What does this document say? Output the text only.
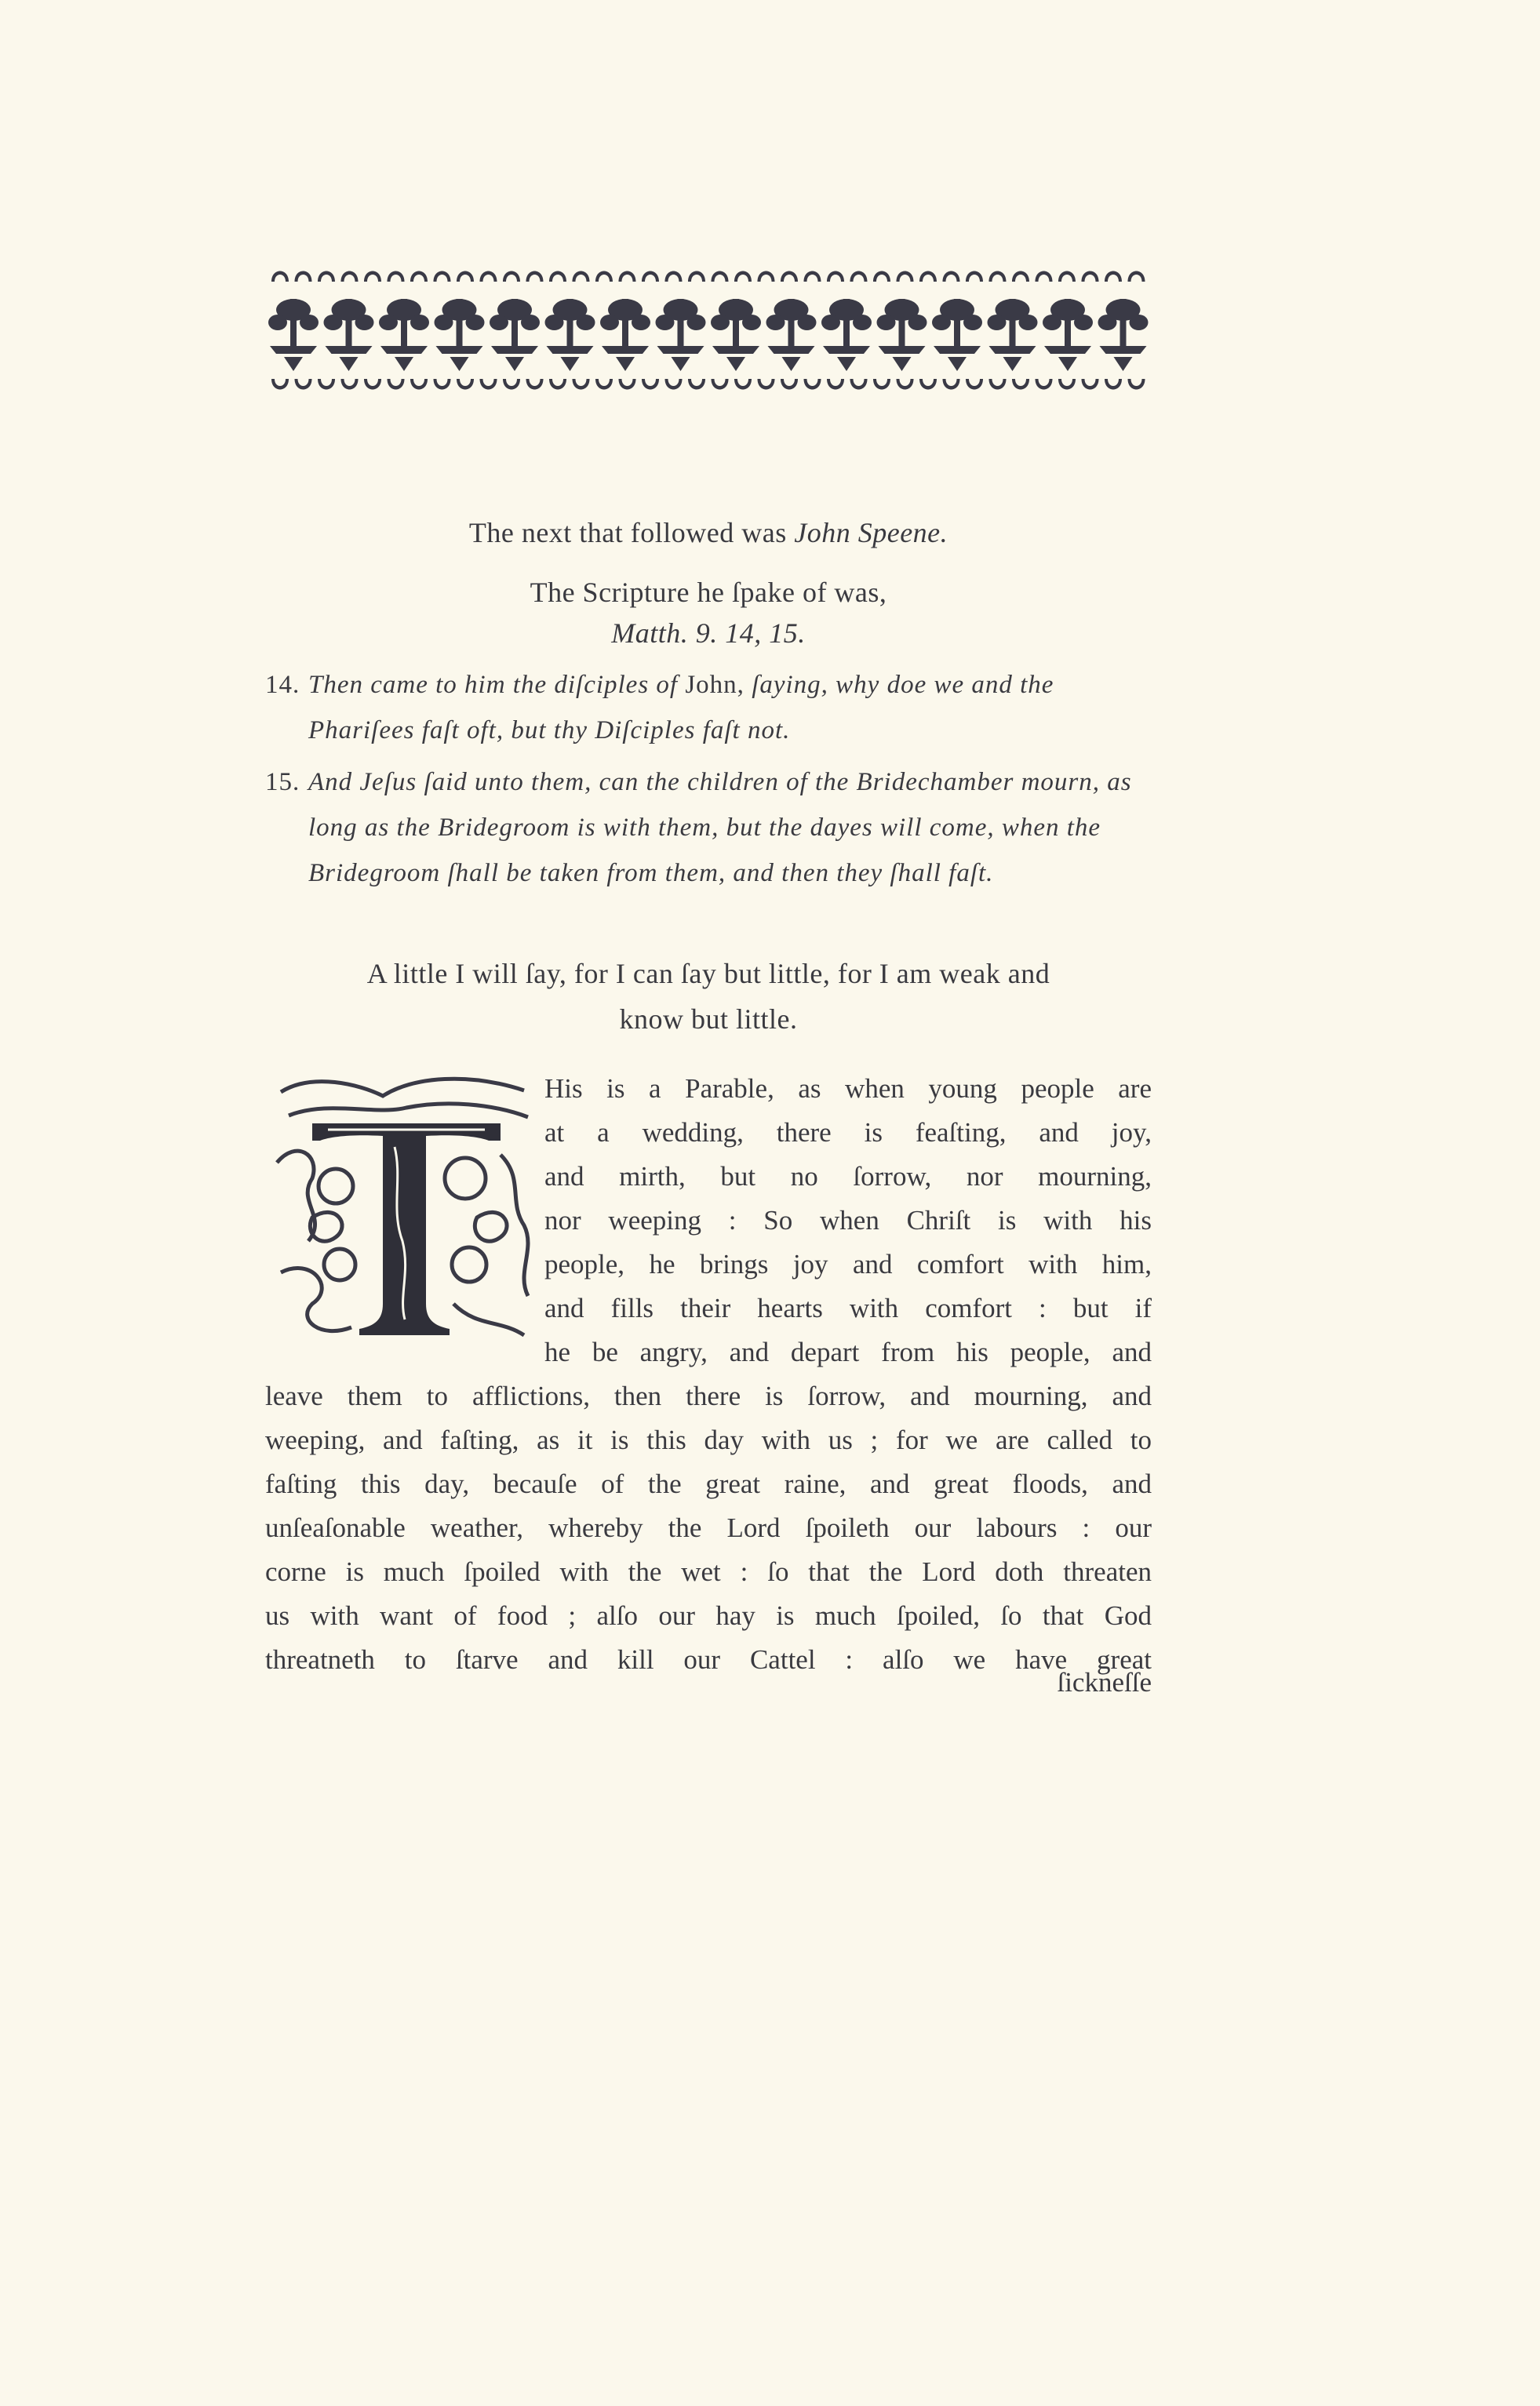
The next that followed was John Speene.

The Scripture he ſpake of was,

Matth. 9. 14, 15.

14. Then came to him the diſciples of John, ſaying, why doe we and the Phariſees faſt oft, but thy Diſciples faſt not.

15. And Jeſus ſaid unto them, can the children of the Bridechamber mourn, as long as the Bridegroom is with them, but the dayes will come, when the Bridegroom ſhall be taken from them, and then they ſhall faſt.

A little I will ſay, for I can ſay but little, for I am weak and

know but little.

His is a Parable, as when young people are

at a wedding, there is feaſting, and joy,

and mirth, but no ſorrow, nor mourning,

nor weeping : So when Chriſt is with his

people, he brings joy and comfort with him,

and fills their hearts with comfort : but if

he be angry, and depart from his people, and

leave them to afflictions, then there is ſorrow, and mourning, and

weeping, and faſting, as it is this day with us ; for we are called to

faſting this day, becauſe of the great raine, and great floods, and

unſeaſonable weather, whereby the Lord ſpoileth our labours : our

corne is much ſpoiled with the wet : ſo that the Lord doth threaten

us with want of food ; alſo our hay is much ſpoiled, ſo that God

threatneth to ſtarve and kill our Cattel : alſo we have great

ſickneſſe
